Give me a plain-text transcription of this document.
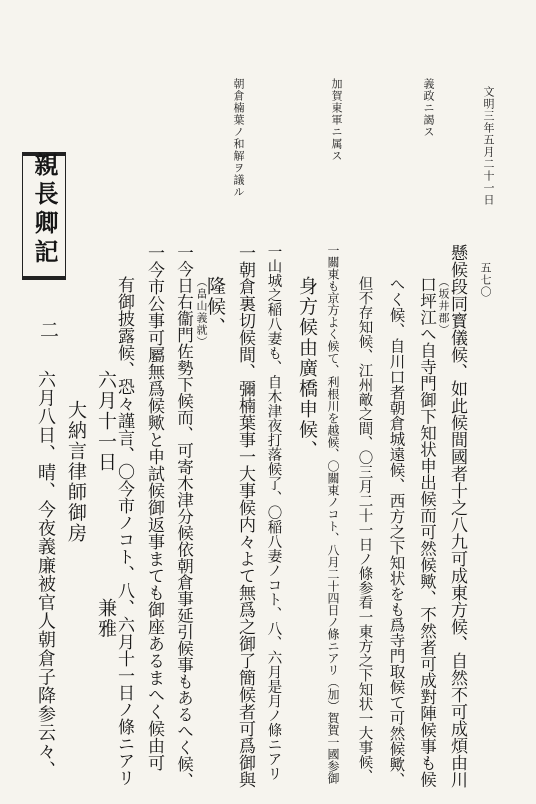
五七〇
文明三年五月二十一日
義政ニ謁ス
加賀東軍ニ属ス
朝倉楠葉ノ和解ヲ議ル
懸候段同寳儀候、如此候間國者十之八九可成東方候、自然不可成煩由川
（坂井郡）
口坪江へ自寺門御下知状申出候而可然候歟、不然者可成對陣候事も候
へく候、自川口者朝倉城遠候、西方之下知状をも爲寺門取候て可然候歟、
但不存知候、江州敵之間、〇三月二十一日ノ條参看一東方之下知状一大事候、
一關東も京方よく候て、利根川を越候、〇關東ノコト、八月二十四日ノ條ニアリ（加）賀賀一國参御
身方候由廣橋申候、
一山城之稲八妻も、自木津夜打落候了、〇稲八妻ノコト、八、六月是月ノ條ニアリ
一朝倉裏切候間、彌楠葉事一大事候内々よて無爲之御了簡候者可爲御與
隆候、
（畠山義就）
一今日右衞門佐勢下候而、可寄木津分候依朝倉事延引候事もあるへく候、
一今市公事可屬無爲候歟と申試候御返事まても御座あるまへく候由可
有御披露候、恐々謹言、〇今市ノコト、八、六月十一日ノ條ニアリ
六月十一日
兼雅
大納言律師御房
親長卿記
二
六月八日、晴、今夜義廉被官人朝倉子降参云々、
